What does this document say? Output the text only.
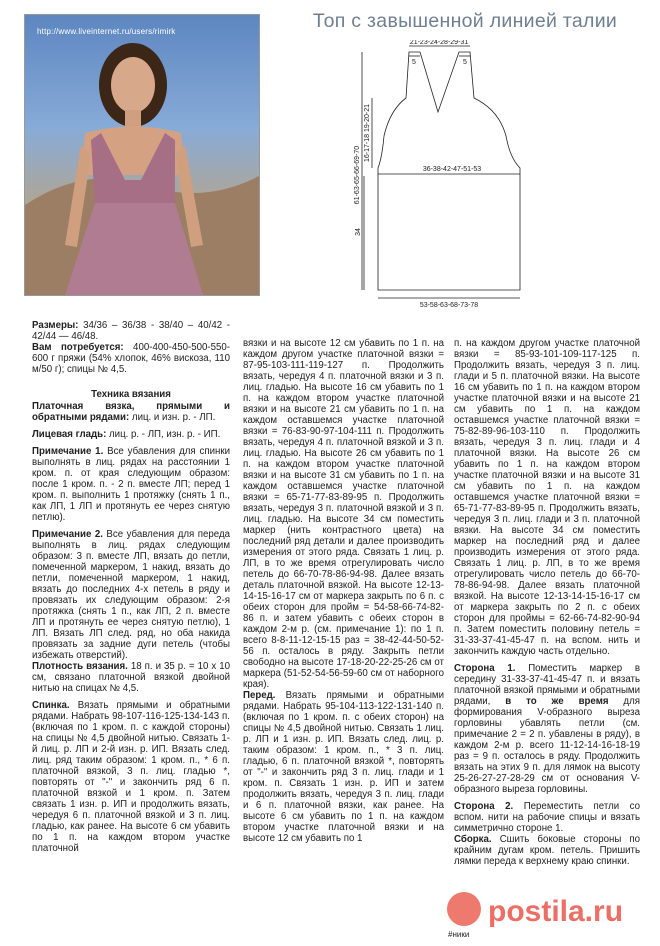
http://www.liveinternet.ru/users/rimirk	Топ с завышенной линией талии
21-23-24-28-29-31
5	5
61-63-65-66-69-70
16-17-18 19-20-21
36-38-42-47-51-53
34
53-58-63-68-73-78

Размеры: 34/36 – 36/38 - 38/40 – 40/42 - 42/44 — 46/48.

Вам потребуется: 400-400-450-500-550-600 г пряжи (54% хлопок, 46% вискоза, 110 м/50 г); спицы № 4,5.

Техника вязания

Платочная вязка, прямыми и обратными рядами: лиц. и изн. р. - ЛП.

Лицевая гладь: лиц. р. - ЛП, изн. р. - ИП.

Примечание 1. Все убавления для спинки выполнять в лиц. рядах на расстоянии 1 кром. п. от края следующим образом: после 1 кром. п. - 2 п. вместе ЛП; перед 1 кром. п. выполнить 1 протяжку (снять 1 п., как ЛП, 1 ЛП и протянуть ее через снятую петлю).

Примечание 2. Все убавления для переда выполнять в лиц. рядах следующим образом: 3 п. вместе ЛП, вязать до петли, помеченной маркером, 1 накид, вязать до петли, помеченной маркером, 1 накид, вязать до последних 4-х петель в ряду и провязать их следующим образом: 2-я протяжка (снять 1 п., как ЛП, 2 п. вместе ЛП и протянуть ее через снятую петлю), 1 ЛП. Вязать ЛП след. ряд, но оба накида провязать за задние дуги петель (чтобы избежать отверстий).

Плотность вязания. 18 п. и 35 р. = 10 х 10 см, связано платочной вязкой двойной нитью на спицах № 4,5.

Спинка. Вязать прямыми и обратными рядами. Набрать 98-107-116-125-134-143 п. (включая по 1 кром. п. с каждой стороны) на спицы № 4,5 двойной нитью. Связать 1-й лиц. р. ЛП и 2-й изн. р. ИП. Вязать след. лиц. ряд таким образом: 1 кром. п., * 6 п. платочной вязкой, 3 п. лиц. гладью *, повторять от "-" и закончить ряд 6 п. платочной вязкой и 1 кром. п. Затем связать 1 изн. р. ИП и продолжить вязать, чередуя 6 п. платочной вязкой и 3 п. лиц. гладью, как ранее. На высоте 6 см убавить по 1 п. на каждом втором участке платочной

вязки и на высоте 12 см убавить по 1 п. на каждом другом участке платочной вязки = 87-95-103-111-119-127 п. Продолжить вязать, чередуя 4 п. платочной вязки и 3 п. лиц. гладью. На высоте 16 см убавить по 1 п. на каждом втором участке платочной вязки и на высоте 21 см убавить по 1 п. на каждом оставшемся участке платочной вязки = 76-83-90-97-104-111 п. Продолжить вязать, чередуя 4 п. платочной вязкой и 3 п. лиц. гладью. На высоте 26 см убавить по 1 п. на каждом втором участке платочной вязки и на высоте 31 см убавить по 1 п. на каждом оставшемся участке платочной вязки = 65-71-77-83-89-95 п. Продолжить вязать, чередуя 3 п. платочной вязкой и 3 п. лиц. гладью. На высоте 34 см поместить маркер (нить контрастного цвета) на последний ряд детали и далее производить измерения от этого ряда. Связать 1 лиц. р. ЛП, в то же время отрегулировать число петель до 66-70-78-86-94-98. Далее вязать деталь платочной вязкой. На высоте 12-13-14-15-16-17 см от маркера закрыть по 6 п. с обеих сторон для пройм = 54-58-66-74-82-86 п. и затем убавить с обеих сторон в каждом 2-м р. (см. примечание 1): по 1 п. всего 8-8-11-12-15-15 раз = 38-42-44-50-52-56 п. осталось в ряду. Закрыть петли свободно на высоте 17-18-20-22-25-26 см от маркера (51-52-54-56-59-60 см от наборного края).

Перед. Вязать прямыми и обратными рядами. Набрать 95-104-113-122-131-140 п. (включая по 1 кром. п. с обеих сторон) на спицы № 4,5 двойной нитью. Связать 1 лиц. р. ЛП и 1 изн. р. ИП. Вязать след. лиц. р. таким образом: 1 кром. п., * 3 п. лиц. гладью, 6 п. платочной вязкой *, повторять от "-" и закончить ряд 3 п. лиц. глади и 1 кром. п. Связать 1 изн. р. ИП и затем продолжить вязать, чередуя 3 п. лиц. глади и 6 п. платочной вязки, как ранее. На высоте 6 см убавить по 1 п. на каждом втором участке платочной вязки и на высоте 12 см убавить по 1

п. на каждом другом участке платочной вязки = 85-93-101-109-117-125 п. Продолжить вязать, чередуя 3 п. лиц. глади и 5 п. платочной вязки. На высоте 16 см убавить по 1 п. на каждом втором участке платочной вязки и на высоте 21 см убавить по 1 п. на каждом оставшемся участке платочной вязки = 75-82-89-96-103-110 п. Продолжить вязать, чередуя 3 п. лиц. глади и 4 платочной вязки. На высоте 26 см убавить по 1 п. на каждом втором участке платочной вязки и на высоте 31 см убавить по 1 п. на каждом оставшемся участке платочной вязки = 65-71-77-83-89-95 п. Продолжить вязать, чередуя 3 п. лиц. глади и 3 п. платочной вязки. На высоте 34 см поместить маркер на последний ряд и далее производить измерения от этого ряда. Связать 1 лиц. р. ЛП, в то же время отрегулировать число петель до 66-70-78-86-94-98. Далее вязать платочной вязкой. На высоте 12-13-14-15-16-17 см от маркера закрыть по 2 п. с обеих сторон для проймы = 62-66-74-82-90-94 п. Затем поместить половину петель = 31-33-37-41-45-47 п. на вспом. нить и закончить каждую часть отдельно.

Сторона 1. Поместить маркер в середину 31-33-37-41-45-47 п. и вязать платочной вязкой прямыми и обратными рядами, в то же время для формирования V-образного выреза горловины убавлять петли (см. примечание 2 = 2 п. убавлены в ряду), в каждом 2-м р. всего 11-12-14-16-18-19 раз = 9 п. осталось в ряду. Продолжить вязать на этих 9 п. для лямок на высоту 25-26-27-27-28-29 см от основания V-образного выреза горловины.

Сторона 2. Переместить петли со вспом. нити на рабочие спицы и вязать симметрично стороне 1.

Сборка. Сшить боковые стороны по крайним дугам кром. петель. Пришить лямки переда к верхнему краю спинки.

postila.ru
#ники
